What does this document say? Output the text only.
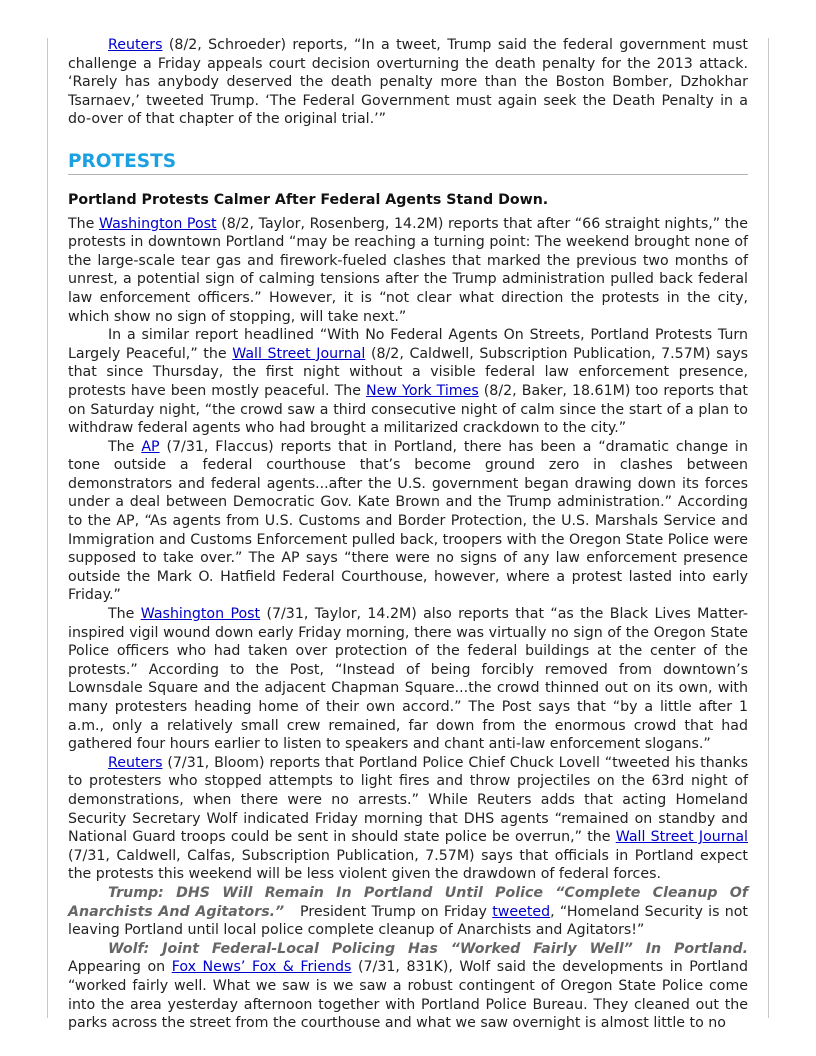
Reuters (8/2, Schroeder) reports, “In a tweet, Trump said the federal government must challenge a Friday appeals court decision overturning the death penalty for the 2013 attack. ‘Rarely has anybody deserved the death penalty more than the Boston Bomber, Dzhokhar Tsarnaev,’ tweeted Trump. ‘The Federal Government must again seek the Death Penalty in a do-over of that chapter of the original trial.’”

PROTESTS
Portland Protests Calmer After Federal Agents Stand Down.

The Washington Post (8/2, Taylor, Rosenberg, 14.2M) reports that after “66 straight nights,” the protests in downtown Portland “may be reaching a turning point: The weekend brought none of the large-scale tear gas and firework-fueled clashes that marked the previous two months of unrest, a potential sign of calming tensions after the Trump administration pulled back federal law enforcement officers.” However, it is “not clear what direction the protests in the city, which show no sign of stopping, will take next.”

In a similar report headlined “With No Federal Agents On Streets, Portland Protests Turn Largely Peaceful,” the Wall Street Journal (8/2, Caldwell, Subscription Publication, 7.57M) says that since Thursday, the first night without a visible federal law enforcement presence, protests have been mostly peaceful. The New York Times (8/2, Baker, 18.61M) too reports that on Saturday night, “the crowd saw a third consecutive night of calm since the start of a plan to withdraw federal agents who had brought a militarized crackdown to the city.”

The AP (7/31, Flaccus) reports that in Portland, there has been a “dramatic change in tone outside a federal courthouse that’s become ground zero in clashes between demonstrators and federal agents...after the U.S. government began drawing down its forces under a deal between Democratic Gov. Kate Brown and the Trump administration.” According to the AP, “As agents from U.S. Customs and Border Protection, the U.S. Marshals Service and Immigration and Customs Enforcement pulled back, troopers with the Oregon State Police were supposed to take over.” The AP says “there were no signs of any law enforcement presence outside the Mark O. Hatfield Federal Courthouse, however, where a protest lasted into early Friday.”

The Washington Post (7/31, Taylor, 14.2M) also reports that “as the Black Lives Matter-inspired vigil wound down early Friday morning, there was virtually no sign of the Oregon State Police officers who had taken over protection of the federal buildings at the center of the protests.” According to the Post, “Instead of being forcibly removed from downtown’s Lownsdale Square and the adjacent Chapman Square...the crowd thinned out on its own, with many protesters heading home of their own accord.” The Post says that “by a little after 1 a.m., only a relatively small crew remained, far down from the enormous crowd that had gathered four hours earlier to listen to speakers and chant anti-law enforcement slogans.”

Reuters (7/31, Bloom) reports that Portland Police Chief Chuck Lovell “tweeted his thanks to protesters who stopped attempts to light fires and throw projectiles on the 63rd night of demonstrations, when there were no arrests.” While Reuters adds that acting Homeland Security Secretary Wolf indicated Friday morning that DHS agents “remained on standby and National Guard troops could be sent in should state police be overrun,” the Wall Street Journal (7/31, Caldwell, Calfas, Subscription Publication, 7.57M) says that officials in Portland expect the protests this weekend will be less violent given the drawdown of federal forces.

Trump: DHS Will Remain In Portland Until Police “Complete Cleanup Of Anarchists And Agitators.”   President Trump on Friday tweeted, “Homeland Security is not leaving Portland until local police complete cleanup of Anarchists and Agitators!”

Wolf: Joint Federal-Local Policing Has “Worked Fairly Well” In Portland. Appearing on Fox News’ Fox & Friends (7/31, 831K), Wolf said the developments in Portland “worked fairly well. What we saw is we saw a robust contingent of Oregon State Police come into the area yesterday afternoon together with Portland Police Bureau. They cleaned out the parks across the street from the courthouse and what we saw overnight is almost little to no
